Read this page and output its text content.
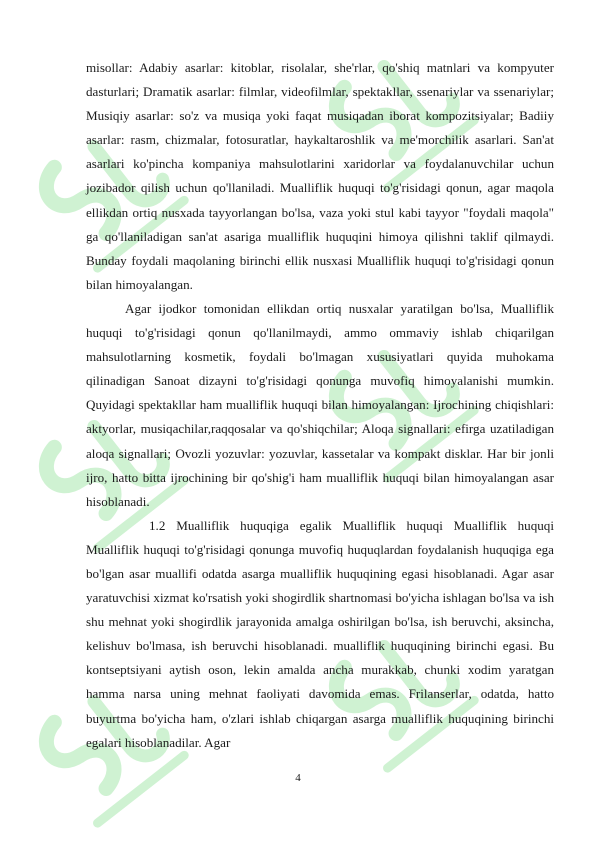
misollar: Adabiy asarlar: kitoblar, risolalar, she'rlar, qo'shiq matnlari va kompyuter dasturlari; Dramatik asarlar: filmlar, videofilmlar, spektakllar, ssenariylar va ssenariylar; Musiqiy asarlar: so'z va musiqa yoki faqat musiqadan iborat kompozitsiyalar; Badiiy asarlar: rasm, chizmalar, fotosuratlar, haykaltaroshlik va me'morchilik asarlari. San'at asarlari ko'pincha kompaniya mahsulotlarini xaridorlar va foydalanuvchilar uchun jozibador qilish uchun qo'llaniladi. Mualliflik huquqi to'g'risidagi qonun, agar maqola ellikdan ortiq nusxada tayyorlangan bo'lsa, vaza yoki stul kabi tayyor "foydali maqola" ga qo'llaniladigan san'at asariga mualliflik huquqini himoya qilishni taklif qilmaydi. Bunday foydali maqolaning birinchi ellik nusxasi Mualliflik huquqi to'g'risidagi qonun bilan himoyalangan.

Agar ijodkor tomonidan ellikdan ortiq nusxalar yaratilgan bo'lsa, Mualliflik huquqi to'g'risidagi qonun qo'llanilmaydi, ammo ommaviy ishlab chiqarilgan mahsulotlarning kosmetik, foydali bo'lmagan xususiyatlari quyida muhokama qilinadigan Sanoat dizayni to'g'risidagi qonunga muvofiq himoyalanishi mumkin. Quyidagi spektakllar ham mualliflik huquqi bilan himoyalangan: Ijrochining chiqishlari: aktyorlar, musiqachilar,raqqosalar va qo'shiqchilar; Aloqa signallari: efirga uzatiladigan aloqa signallari; Ovozli yozuvlar: yozuvlar, kassetalar va kompakt disklar. Har bir jonli ijro, hatto bitta ijrochining bir qo'shig'i ham mualliflik huquqi bilan himoyalangan asar hisoblanadi.

1.2 Mualliflik huquqiga egalik Mualliflik huquqi Mualliflik huquqi Mualliflik huquqi to'g'risidagi qonunga muvofiq huquqlardan foydalanish huquqiga ega bo'lgan asar muallifi odatda asarga mualliflik huquqining egasi hisoblanadi. Agar asar yaratuvchisi xizmat ko'rsatish yoki shogirdlik shartnomasi bo'yicha ishlagan bo'lsa va ish shu mehnat yoki shogirdlik jarayonida amalga oshirilgan bo'lsa, ish beruvchi, aksincha, kelishuv bo'lmasa, ish beruvchi hisoblanadi. mualliflik huquqining birinchi egasi. Bu kontseptsiyani aytish oson, lekin amalda ancha murakkab, chunki xodim yaratgan hamma narsa uning mehnat faoliyati davomida emas. Frilanserlar, odatda, hatto buyurtma bo'yicha ham, o'zlari ishlab chiqargan asarga mualliflik huquqining birinchi egalari hisoblanadilar. Agar

4
